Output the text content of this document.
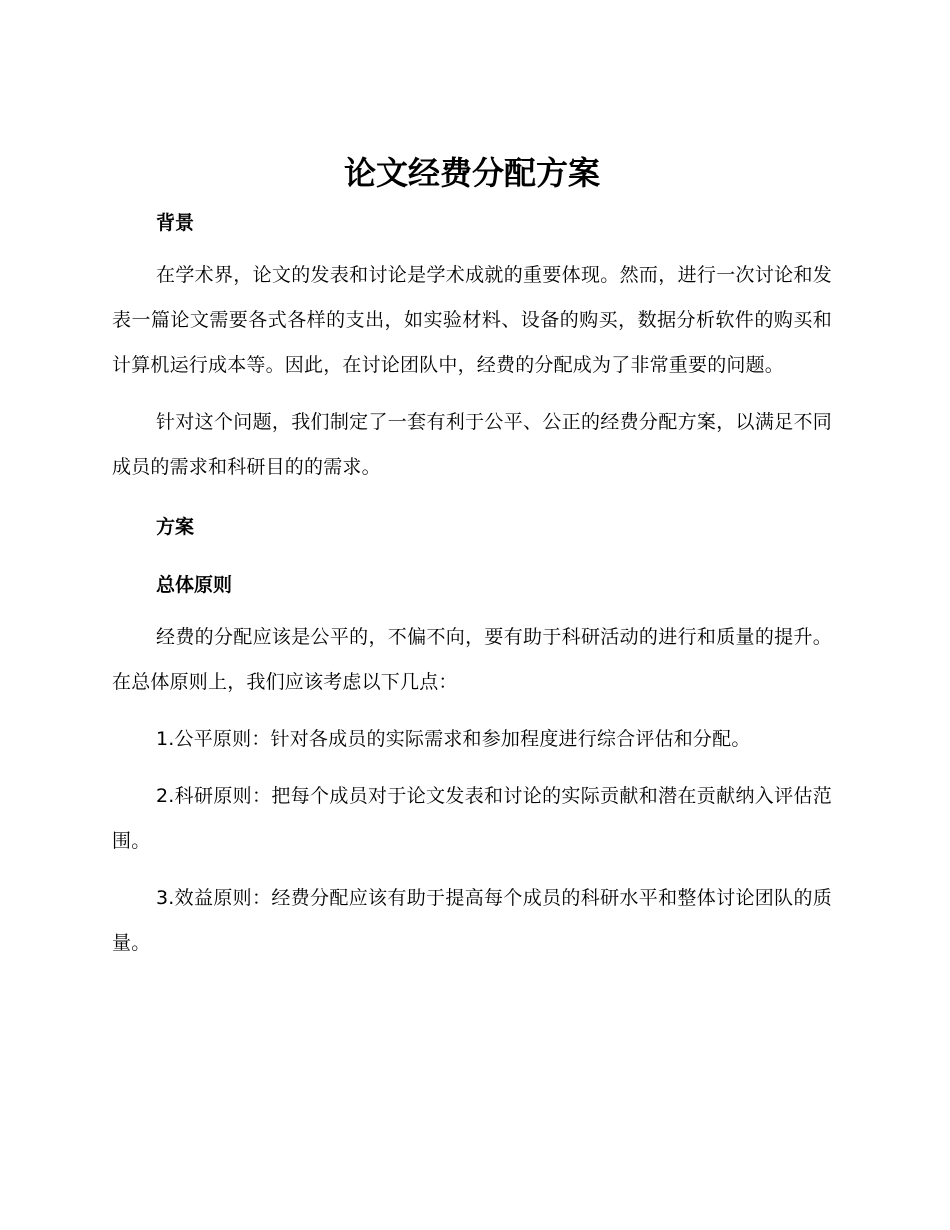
论文经费分配方案
背景

在学术界，论文的发表和讨论是学术成就的重要体现。然而，进行一次讨论和发表一篇论文需要各式各样的支出，如实验材料、设备的购买，数据分析软件的购买和计算机运行成本等。因此，在讨论团队中，经费的分配成为了非常重要的问题。

针对这个问题，我们制定了一套有利于公平、公正的经费分配方案，以满足不同成员的需求和科研目的的需求。

方案
总体原则

经费的分配应该是公平的，不偏不向，要有助于科研活动的进行和质量的提升。在总体原则上，我们应该考虑以下几点：

1.公平原则：针对各成员的实际需求和参加程度进行综合评估和分配。

2.科研原则：把每个成员对于论文发表和讨论的实际贡献和潜在贡献纳入评估范围。

3.效益原则：经费分配应该有助于提高每个成员的科研水平和整体讨论团队的质量。
